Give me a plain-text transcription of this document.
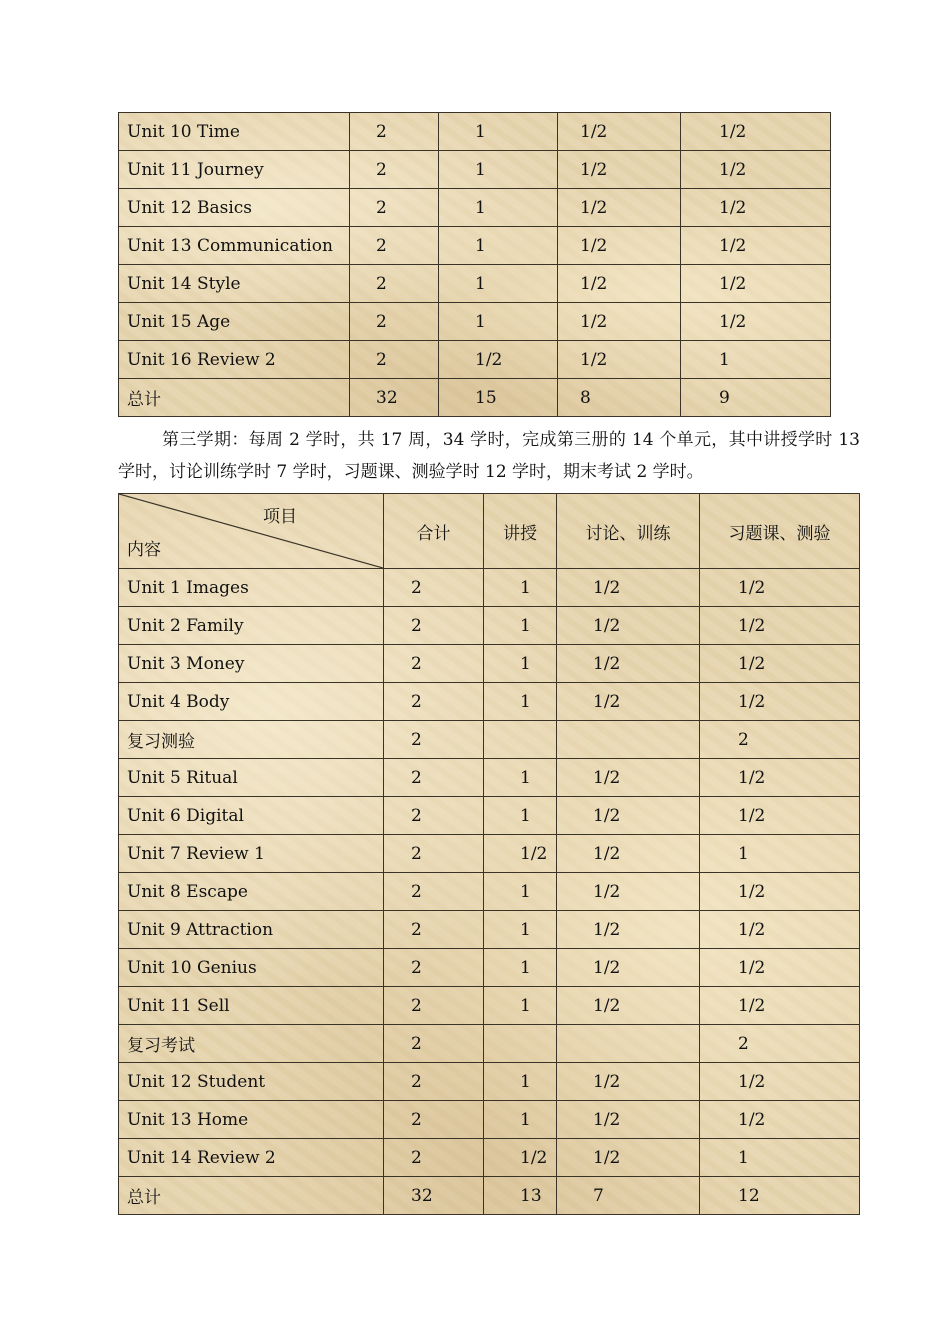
Unit 10 Time	2	1	1/2	1/2
Unit 11 Journey	2	1	1/2	1/2
Unit 12 Basics	2	1	1/2	1/2
Unit 13 Communication	2	1	1/2	1/2
Unit 14 Style	2	1	1/2	1/2
Unit 15 Age	2	1	1/2	1/2
Unit 16 Review 2	2	1/2	1/2	1
总计	32	15	8	9

第三学期：每周 2 学时，共 17 周，34 学时，完成第三册的 14 个单元，其中讲授学时 13 学时，讨论训练学时 7 学时，习题课、测验学时 12 学时，期末考试 2 学时。

项目
内容	合计	讲授	讨论、训练	习题课、测验
Unit 1 Images	2	1	1/2	1/2
Unit 2 Family	2	1	1/2	1/2
Unit 3 Money	2	1	1/2	1/2
Unit 4 Body	2	1	1/2	1/2
复习测验	2			2
Unit 5 Ritual	2	1	1/2	1/2
Unit 6 Digital	2	1	1/2	1/2
Unit 7 Review 1	2	1/2	1/2	1
Unit 8 Escape	2	1	1/2	1/2
Unit 9 Attraction	2	1	1/2	1/2
Unit 10 Genius	2	1	1/2	1/2
Unit 11 Sell	2	1	1/2	1/2
复习考试	2			2
Unit 12 Student	2	1	1/2	1/2
Unit 13 Home	2	1	1/2	1/2
Unit 14 Review 2	2	1/2	1/2	1
总计	32	13	7	12
